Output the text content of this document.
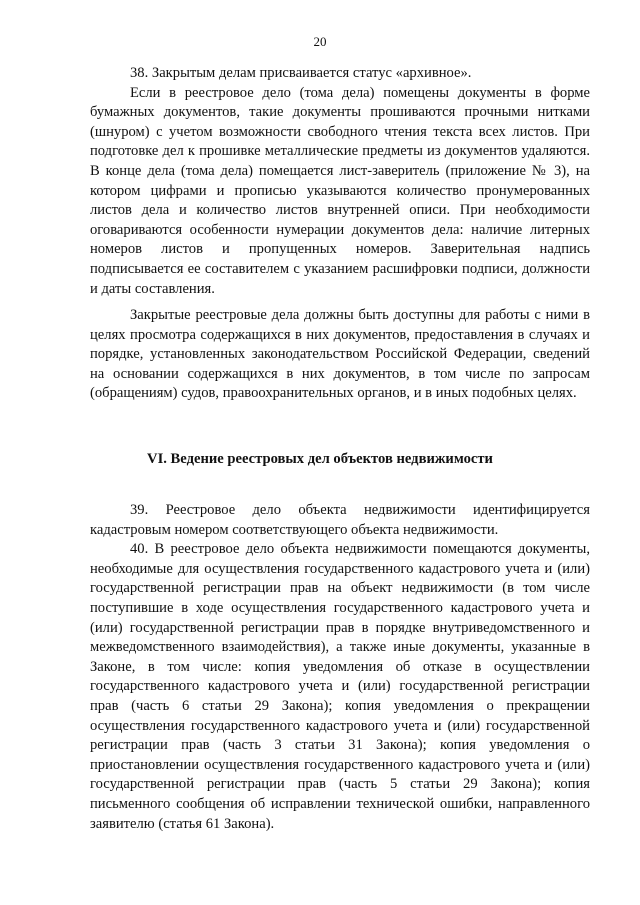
20

38. Закрытым делам присваивается статус «архивное».

Если в реестровое дело (тома дела) помещены документы в форме бумажных документов, такие документы прошиваются прочными нитками (шнуром) с учетом возможности свободного чтения текста всех листов. При подготовке дел к прошивке металлические предметы из документов удаляются. В конце дела (тома дела) помещается лист-заверитель (приложение № 3), на котором цифрами и прописью указываются количество пронумерованных листов дела и количество листов внутренней описи. При необходимости оговариваются особенности нумерации документов дела: наличие литерных номеров листов и пропущенных номеров. Заверительная надпись подписывается ее составителем с указанием расшифровки подписи, должности и даты составления.

Закрытые реестровые дела должны быть доступны для работы с ними в целях просмотра содержащихся в них документов, предоставления в случаях и порядке, установленных законодательством Российской Федерации, сведений на основании содержащихся в них документов, в том числе по запросам (обращениям) судов, правоохранительных органов, и в иных подобных целях.

VI. Ведение реестровых дел объектов недвижимости

39. Реестровое дело объекта недвижимости идентифицируется кадастровым номером соответствующего объекта недвижимости.

40. В реестровое дело объекта недвижимости помещаются документы, необходимые для осуществления государственного кадастрового учета и (или) государственной регистрации прав на объект недвижимости (в том числе поступившие в ходе осуществления государственного кадастрового учета и (или) государственной регистрации прав в порядке внутриведомственного и межведомственного взаимодействия), а также иные документы, указанные в Законе, в том числе: копия уведомления об отказе в осуществлении государственного кадастрового учета и (или) государственной регистрации прав (часть 6 статьи 29 Закона); копия уведомления о прекращении осуществления государственного кадастрового учета и (или) государственной регистрации прав (часть 3 статьи 31 Закона); копия уведомления о приостановлении осуществления государственного кадастрового учета и (или) государственной регистрации прав (часть 5 статьи 29 Закона); копия письменного сообщения об исправлении технической ошибки, направленного заявителю (статья 61 Закона).
